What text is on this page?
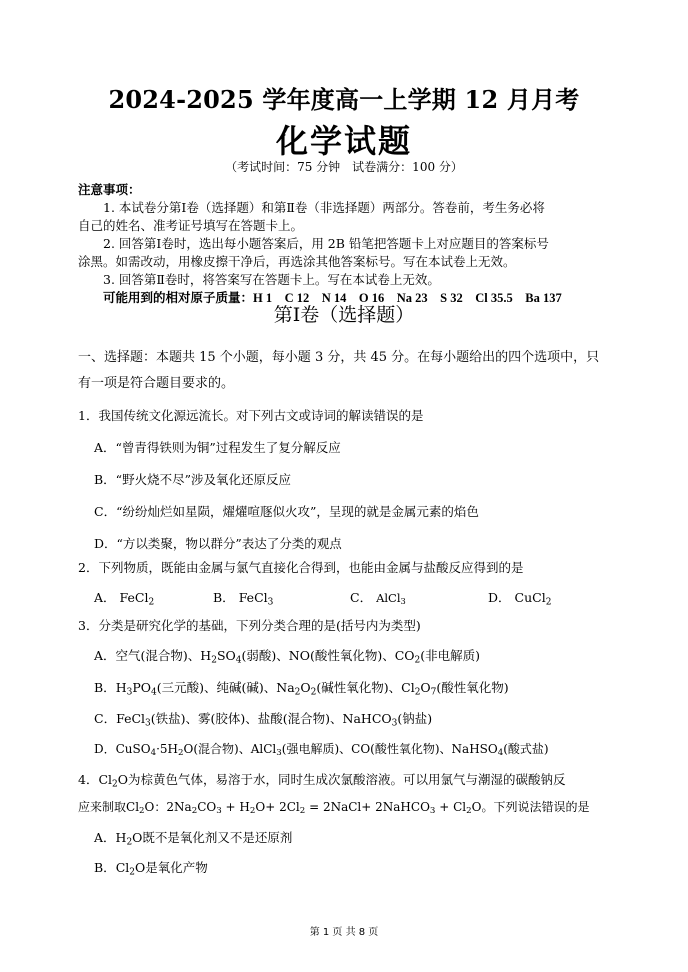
2024-2025 学年度高一上学期 12 月月考
化学试题
（考试时间：75 分钟　试卷满分：100 分）
注意事项：
1. 本试卷分第Ⅰ卷（选择题）和第Ⅱ卷（非选择题）两部分。答卷前，考生务必将
自己的姓名、准考证号填写在答题卡上。
2. 回答第Ⅰ卷时，选出每小题答案后，用 2B 铅笔把答题卡上对应题目的答案标号
涂黑。如需改动，用橡皮擦干净后，再选涂其他答案标号。写在本试卷上无效。
3. 回答第Ⅱ卷时，将答案写在答题卡上。写在本试卷上无效。
可能用到的相对原子质量：H 1　C 12　N 14　O 16　Na 23　S 32　Cl 35.5　Ba 137
第Ⅰ卷（选择题）
一、选择题：本题共 15 个小题，每小题 3 分，共 45 分。在每小题给出的四个选项中，只
有一项是符合题目要求的。
1．我国传统文化源远流长。对下列古文或诗词的解读错误的是
A．“曾青得铁则为铜”过程发生了复分解反应
B．“野火烧不尽”涉及氧化还原反应
C．“纷纷灿烂如星陨，燿燿喧豗似火攻”，呈现的就是金属元素的焰色
D．“方以类聚，物以群分”表达了分类的观点
2．下列物质，既能由金属与氯气直接化合得到，也能由金属与盐酸反应得到的是
A． FeCl$_2$	B． FeCl$_3$	C． AlCl$_3$	D． CuCl$_2$
3．分类是研究化学的基础，下列分类合理的是(括号内为类型)
A．空气(混合物)、$H_2SO_4$(弱酸)、NO(酸性氧化物)、$CO_2$(非电解质)
B．$H_3PO_4$(三元酸)、纯碱(碱)、$Na_2O_2$(碱性氧化物)、$Cl_2O_7$(酸性氧化物)
C．FeCl$_3$(铁盐)、雾(胶体)、盐酸(混合物)、NaHCO$_3$(钠盐)
D．$CuSO_4\cdot 5H_2O$(混合物)、AlCl$_3$(强电解质)、CO(酸性氧化物)、NaHSO$_4$(酸式盐)
4．$Cl_2O$为棕黄色气体，易溶于水，同时生成次氯酸溶液。可以用氯气与潮湿的碳酸钠反
应来制取$Cl_2O$：$2Na_2CO_3 + H_2O+ 2Cl_2$ = 2NaCl+ 2NaHCO$_3$ + $Cl_2O$。下列说法错误的是
A．$H_2O$既不是氧化剂又不是还原剂
B．$Cl_2O$是氧化产物
第 1 页 共 8 页
